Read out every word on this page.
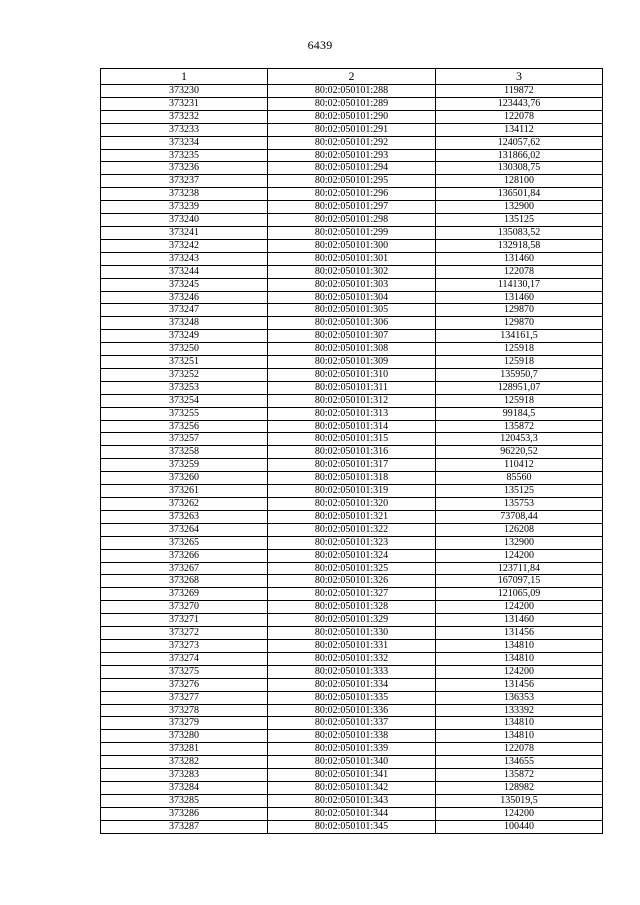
6439
1	2	3
373230	80:02:050101:288	119872
373231	80:02:050101:289	123443,76
373232	80:02:050101:290	122078
373233	80:02:050101:291	134112
373234	80:02:050101:292	124057,62
373235	80:02:050101:293	131866,02
373236	80:02:050101:294	130308,75
373237	80:02:050101:295	128100
373238	80:02:050101:296	136501,84
373239	80:02:050101:297	132900
373240	80:02:050101:298	135125
373241	80:02:050101:299	135083,52
373242	80:02:050101:300	132918,58
373243	80:02:050101:301	131460
373244	80:02:050101:302	122078
373245	80:02:050101:303	114130,17
373246	80:02:050101:304	131460
373247	80:02:050101:305	129870
373248	80:02:050101:306	129870
373249	80:02:050101:307	134161,5
373250	80:02:050101:308	125918
373251	80:02:050101:309	125918
373252	80:02:050101:310	135950,7
373253	80:02:050101:311	128951,07
373254	80:02:050101:312	125918
373255	80:02:050101:313	99184,5
373256	80:02:050101:314	135872
373257	80:02:050101:315	120453,3
373258	80:02:050101:316	96220,52
373259	80:02:050101:317	110412
373260	80:02:050101:318	85560
373261	80:02:050101:319	135125
373262	80:02:050101:320	135753
373263	80:02:050101:321	73708,44
373264	80:02:050101:322	126208
373265	80:02:050101:323	132900
373266	80:02:050101:324	124200
373267	80:02:050101:325	123711,84
373268	80:02:050101:326	167097,15
373269	80:02:050101:327	121065,09
373270	80:02:050101:328	124200
373271	80:02:050101:329	131460
373272	80:02:050101:330	131456
373273	80:02:050101:331	134810
373274	80:02:050101:332	134810
373275	80:02:050101:333	124200
373276	80:02:050101:334	131456
373277	80:02:050101:335	136353
373278	80:02:050101:336	133392
373279	80:02:050101:337	134810
373280	80:02:050101:338	134810
373281	80:02:050101:339	122078
373282	80:02:050101:340	134655
373283	80:02:050101:341	135872
373284	80:02:050101:342	128982
373285	80:02:050101:343	135019,5
373286	80:02:050101:344	124200
373287	80:02:050101:345	100440
